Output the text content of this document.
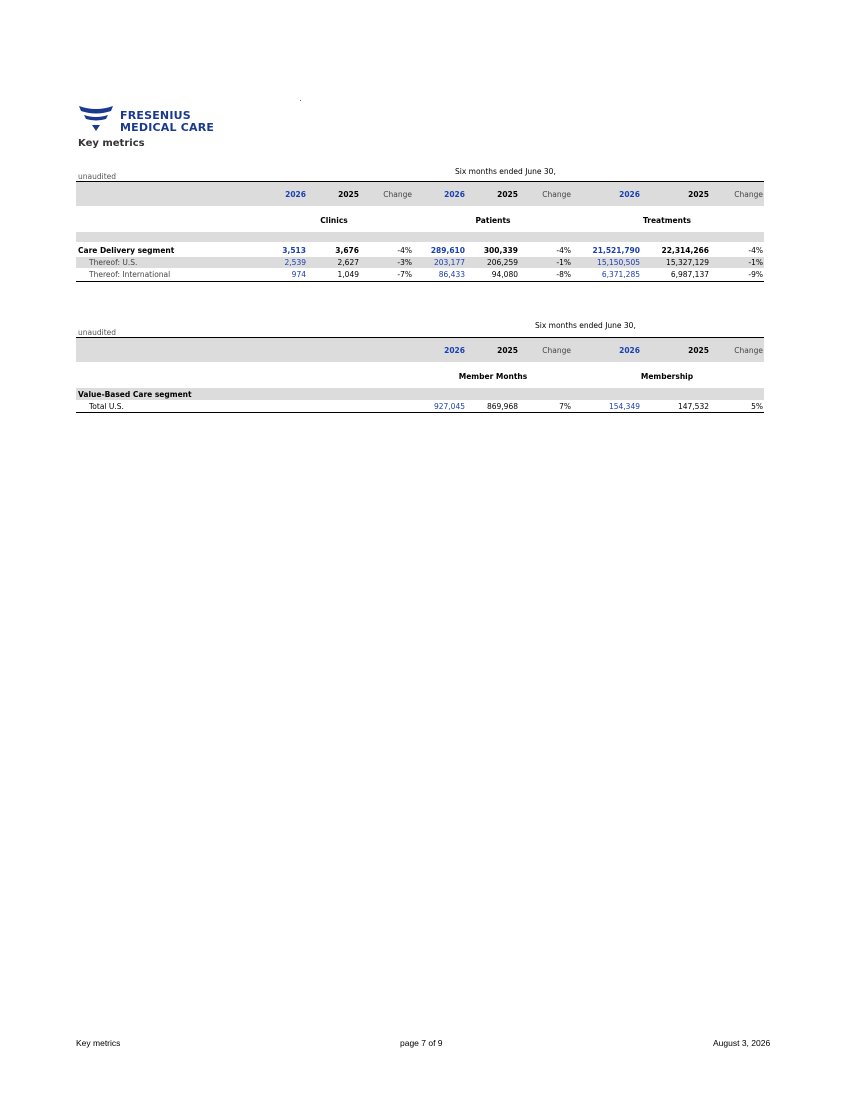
FRESENIUS
MEDICAL CARE
Key metrics
unaudited
Six months ended June 30,
2026	2025	Change	2026	2025	Change	2026	2025	Change
Clinics	Patients	Treatments
Care Delivery segment	3,513	3,676	-4%	289,610	300,339	-4%	21,521,790	22,314,266	-4%
Thereof: U.S.	2,539	2,627	-3%	203,177	206,259	-1%	15,150,505	15,327,129	-1%
Thereof: International	974	1,049	-7%	86,433	94,080	-8%	6,371,285	6,987,137	-9%
unaudited
Six months ended June 30,
2026	2025	Change	2026	2025	Change
Member Months	Membership
Value-Based Care segment
Total U.S.	927,045	869,968	7%	154,349	147,532	5%
Key metrics	page 7 of 9	August 3, 2026
